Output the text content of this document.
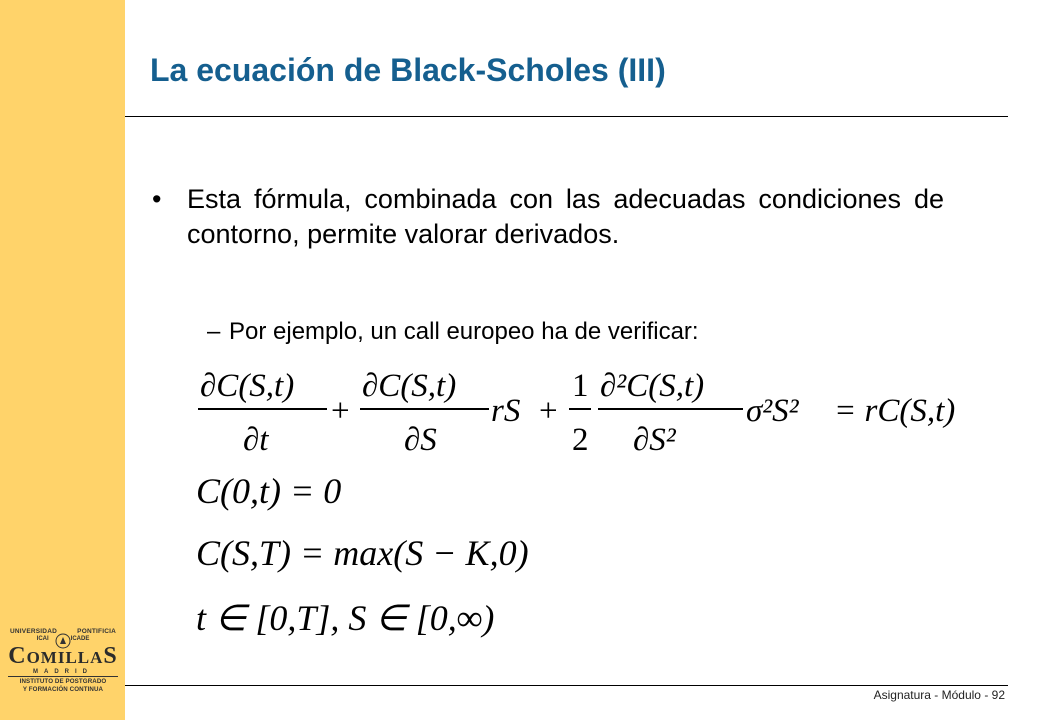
UNIVERSIDAD	PONTIFICIA
ICAI	ICADE
COMILLAS
MADRID
INSTITUTO DE POSTGRADO
Y FORMACIÓN CONTINUA
La ecuación de Black-Scholes (III)
• Esta fórmula, combinada con las adecuadas condiciones de contorno, permite valorar derivados.
– Por ejemplo, un call europeo ha de verificar:
∂C(S,t)
∂t
+
∂C(S,t)
∂S
rS +
1
2
∂²C(S,t)
∂S²
σ²S² = rC(S,t)
C(0,t) = 0
C(S,T) = max(S − K,0)
t ∈ [0,T], S ∈ [0,∞)
Asignatura - Módulo - 92
